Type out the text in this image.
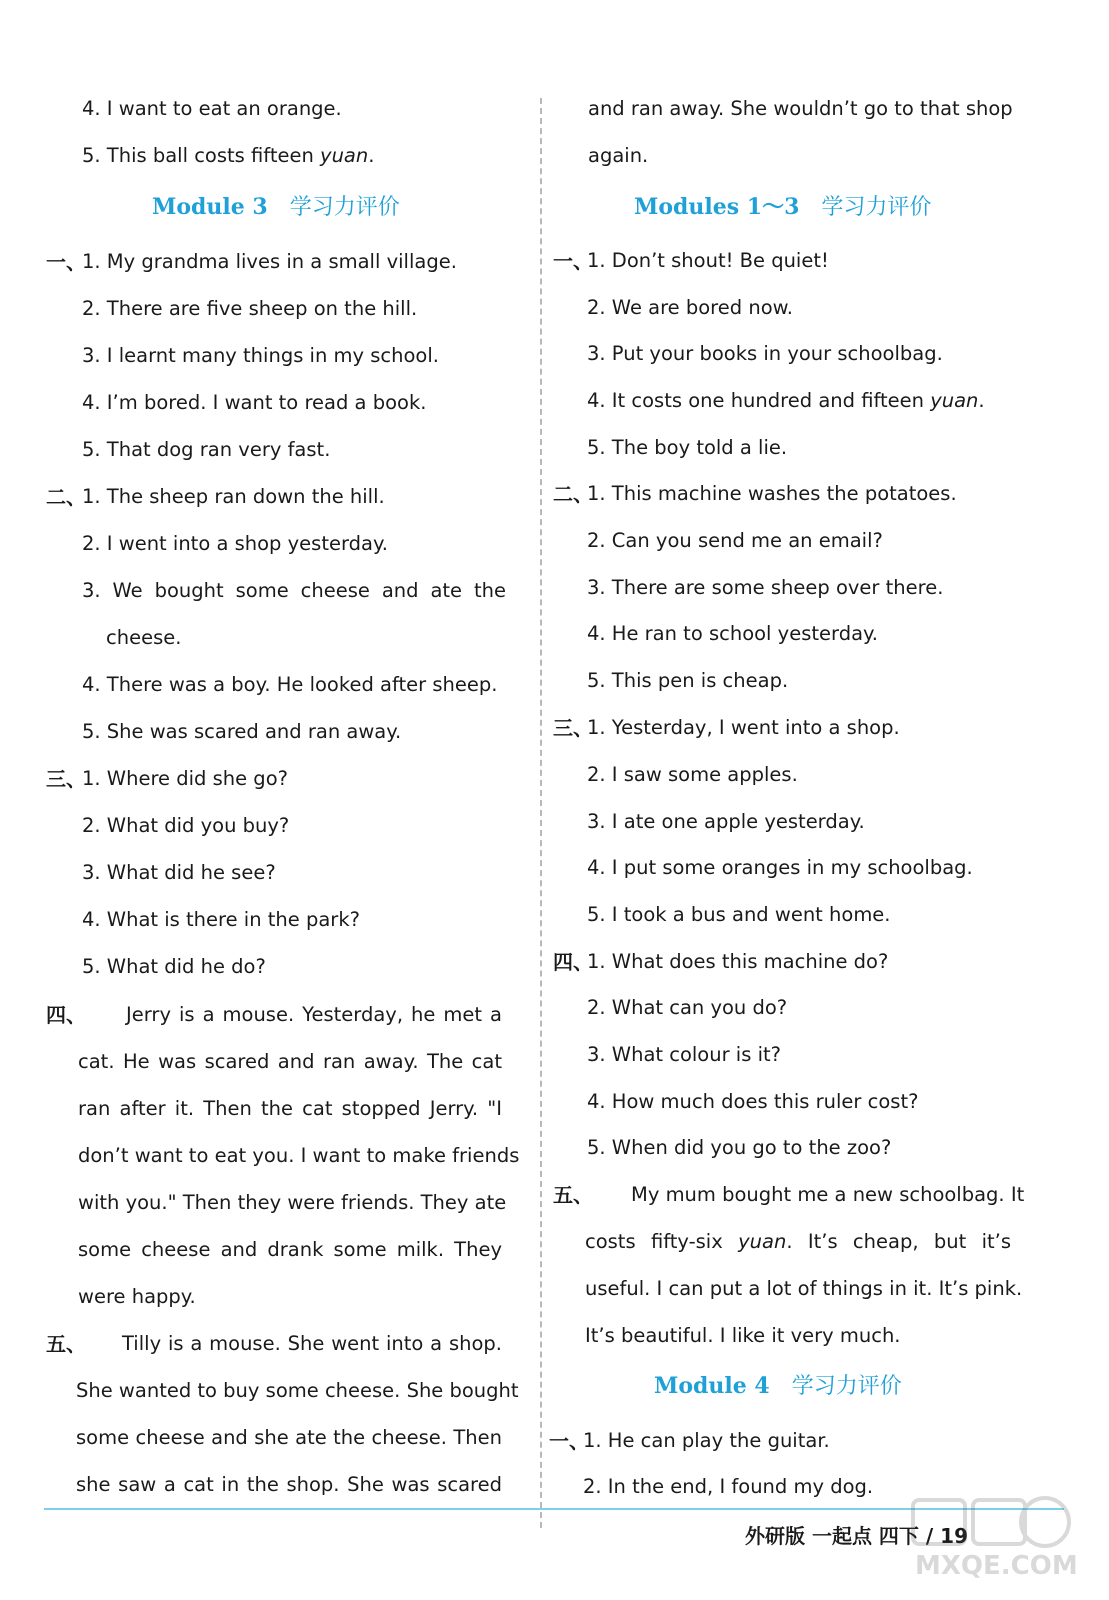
4. I want to eat an orange.
5. This ball costs fifteen yuan.
Module 3 学习力评价
一、
1. My grandma lives in a small village.
2. There are five sheep on the hill.
3. I learnt many things in my school.
4. I’m bored. I want to read a book.
5. That dog ran very fast.
二、
1. The sheep ran down the hill.
2. I went into a shop yesterday.
3. We bought some cheese and ate the
cheese.
4. There was a boy. He looked after sheep.
5. She was scared and ran away.
三、
1. Where did she go?
2. What did you buy?
3. What did he see?
4. What is there in the park?
5. What did he do?
四、 Jerry is a mouse. Yesterday, he met a
cat. He was scared and ran away. The cat
ran after it. Then the cat stopped Jerry. "I
don’t want to eat you. I want to make friends
with you." Then they were friends. They ate
some cheese and drank some milk. They
were happy.
五、 Tilly is a mouse. She went into a shop.
She wanted to buy some cheese. She bought
some cheese and she ate the cheese. Then
she saw a cat in the shop. She was scared
and ran away. She wouldn’t go to that shop
again.
Modules 1～3 学习力评价
一、
1. Don’t shout! Be quiet!
2. We are bored now.
3. Put your books in your schoolbag.
4. It costs one hundred and fifteen yuan.
5. The boy told a lie.
二、
1. This machine washes the potatoes.
2. Can you send me an email?
3. There are some sheep over there.
4. He ran to school yesterday.
5. This pen is cheap.
三、
1. Yesterday, I went into a shop.
2. I saw some apples.
3. I ate one apple yesterday.
4. I put some oranges in my schoolbag.
5. I took a bus and went home.
四、
1. What does this machine do?
2. What can you do?
3. What colour is it?
4. How much does this ruler cost?
5. When did you go to the zoo?
五、 My mum bought me a new schoolbag. It
costs fifty-six yuan. It’s cheap, but it’s
useful. I can put a lot of things in it. It’s pink.
It’s beautiful. I like it very much.
Module 4 学习力评价
一、
1. He can play the guitar.
2. In the end, I found my dog.
外研版 一起点 四下 / 19
MXQE.COM
